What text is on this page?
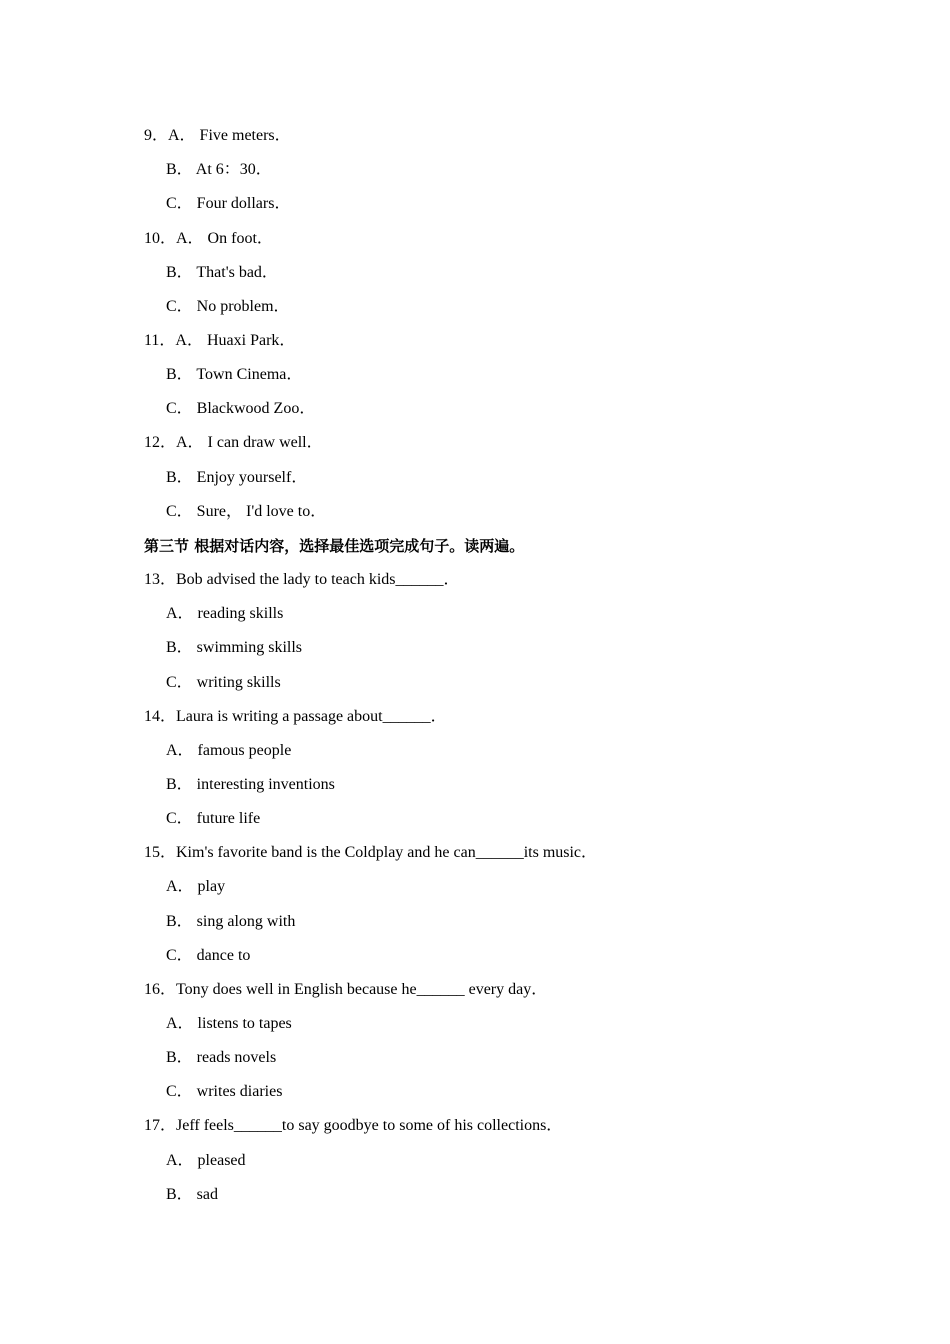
9．A． Five meters．
B． At 6：30．
C． Four dollars．
10．A． On foot．
B． That's bad．
C． No problem．
11．A． Huaxi Park．
B． Town Cinema．
C． Blackwood Zoo．
12．A． I can draw well．
B． Enjoy yourself．
C． Sure， I'd love to．
第三节 根据对话内容，选择最佳选项完成句子。读两遍。
13．Bob advised the lady to teach kids______．
A． reading skills
B． swimming skills
C． writing skills
14．Laura is writing a passage about______．
A． famous people
B． interesting inventions
C． future life
15．Kim's favorite band is the Coldplay and he can______its music．
A． play
B． sing along with
C． dance to
16．Tony does well in English because he______ every day．
A． listens to tapes
B． reads novels
C． writes diaries
17．Jeff feels______to say goodbye to some of his collections．
A． pleased
B． sad
